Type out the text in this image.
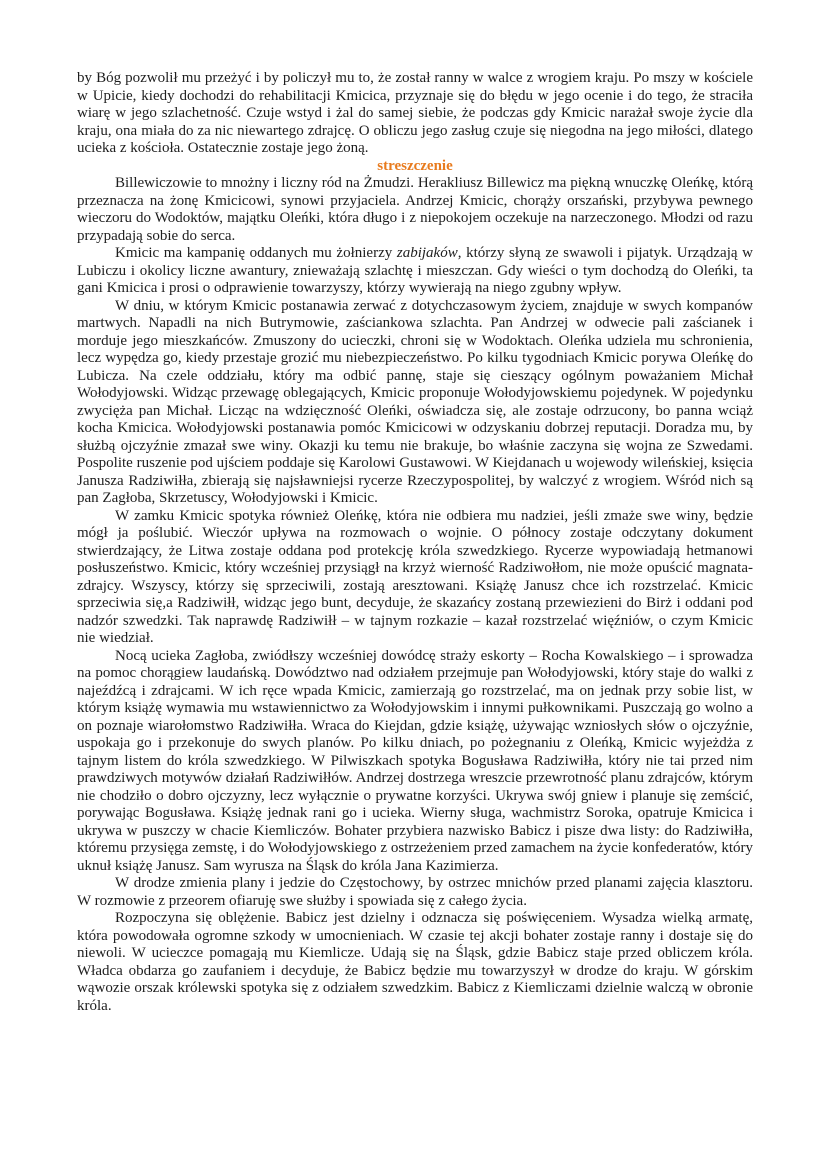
by Bóg pozwolił mu przeżyć i by policzył mu to, że został ranny w walce z wrogiem kraju. Po mszy w kościele w Upicie, kiedy dochodzi do rehabilitacji Kmicica, przyznaje się do błędu w jego ocenie i do tego, że straciła wiarę w jego szlachetność. Czuje wstyd i żal do samej siebie, że podczas gdy Kmicic narażał swoje życie dla kraju, ona miała do za nic niewartego zdrajcę. O obliczu jego zasług czuje się niegodna na jego miłości, dlatego ucieka z kościoła. Ostatecznie zostaje jego żoną.

streszczenie

Billewiczowie to mnożny i liczny ród na Żmudzi. Herakliusz Billewicz ma piękną wnuczkę Oleńkę, którą przeznacza na żonę Kmicicowi, synowi przyjaciela. Andrzej Kmicic, chorąży orszański, przybywa pewnego wieczoru do Wodoktów, majątku Oleńki, która długo i z niepokojem oczekuje na narzeczonego. Młodzi od razu przypadają sobie do serca.

Kmicic ma kampanię oddanych mu żołnierzy zabijaków, którzy słyną ze swawoli i pijatyk. Urządzają w Lubiczu i okolicy liczne awantury, znieważają szlachtę i mieszczan. Gdy wieści o tym dochodzą do Oleńki, ta gani Kmicica i prosi o odprawienie towarzyszy, którzy wywierają na niego zgubny wpływ.

W dniu, w którym Kmicic postanawia zerwać z dotychczasowym życiem, znajduje w swych kompanów martwych. Napadli na nich Butrymowie, zaściankowa szlachta. Pan Andrzej w odwecie pali zaścianek i morduje jego mieszkańców. Zmuszony do ucieczki, chroni się w Wodoktach. Oleńka udziela mu schronienia, lecz wypędza go, kiedy przestaje grozić mu niebezpieczeństwo. Po kilku tygodniach Kmicic porywa Oleńkę do Lubicza. Na czele oddziału, który ma odbić pannę, staje się cieszący ogólnym poważaniem Michał Wołodyjowski. Widząc przewagę oblegających, Kmicic proponuje Wołodyjowskiemu pojedynek. W pojedynku zwycięża pan Michał. Licząc na wdzięczność Oleńki, oświadcza się, ale zostaje odrzucony, bo panna wciąż kocha Kmicica. Wołodyjowski postanawia pomóc Kmicicowi w odzyskaniu dobrzej reputacji. Doradza mu, by służbą ojczyźnie zmazał swe winy. Okazji ku temu nie brakuje, bo właśnie zaczyna się wojna ze Szwedami. Pospolite ruszenie pod ujściem poddaje się Karolowi Gustawowi. W Kiejdanach u wojewody wileńskiej, księcia Janusza Radziwiłła, zbierają się najsławniejsi rycerze Rzeczypospolitej, by walczyć z wrogiem. Wśród nich są pan Zagłoba, Skrzetuscy, Wołodyjowski i Kmicic.

W zamku Kmicic spotyka również Oleńkę, która nie odbiera mu nadziei, jeśli zmaże swe winy, będzie mógł ja poślubić. Wieczór upływa na rozmowach o wojnie. O północy zostaje odczytany dokument stwierdzający, że Litwa zostaje oddana pod protekcję króla szwedzkiego. Rycerze wypowiadają hetmanowi posłuszeństwo. Kmicic, który wcześniej przysiągł na krzyż wierność Radziwołłom, nie może opuścić magnata-zdrajcy. Wszyscy, którzy się sprzeciwili, zostają aresztowani. Książę Janusz chce ich rozstrzelać. Kmicic sprzeciwia się,a Radziwiłł, widząc jego bunt, decyduje, że skazańcy zostaną przewiezieni do Birż i oddani pod nadzór szwedzki. Tak naprawdę Radziwiłł – w tajnym rozkazie – kazał rozstrzelać więźniów, o czym Kmicic nie wiedział.

Nocą ucieka Zagłoba, zwiódłszy wcześniej dowódcę straży eskorty – Rocha Kowalskiego – i sprowadza na pomoc chorągiew laudańską. Dowództwo nad odziałem przejmuje pan Wołodyjowski, który staje do walki z najeźdźcą i zdrajcami. W ich ręce wpada Kmicic, zamierzają go rozstrzelać, ma on jednak przy sobie list, w którym książę wymawia mu wstawiennictwo za Wołodyjowskim i innymi pułkownikami. Puszczają go wolno a on poznaje wiarołomstwo Radziwiłła. Wraca do Kiejdan, gdzie książę, używając wzniosłych słów o ojczyźnie, uspokaja go i przekonuje do swych planów. Po kilku dniach, po pożegnaniu z Oleńką, Kmicic wyjeżdża z tajnym listem do króla szwedzkiego. W Pilwiszkach spotyka Bogusława Radziwiłła, który nie tai przed nim prawdziwych motywów działań Radziwiłłów. Andrzej dostrzega wreszcie przewrotność planu zdrajców, którym nie chodziło o dobro ojczyzny, lecz wyłącznie o prywatne korzyści. Ukrywa swój gniew i planuje się zemścić, porywając Bogusława. Książę jednak rani go i ucieka. Wierny sługa, wachmistrz Soroka, opatruje Kmicica i ukrywa w puszczy w chacie Kiemliczów. Bohater przybiera nazwisko Babicz i pisze dwa listy: do Radziwiłła, któremu przysięga zemstę, i do Wołodyjowskiego z ostrzeżeniem przed zamachem na życie konfederatów, który uknuł książę Janusz. Sam wyrusza na Śląsk do króla Jana Kazimierza.

W drodze zmienia plany i jedzie do Częstochowy, by ostrzec mnichów przed planami zajęcia klasztoru. W rozmowie z przeorem ofiaruję swe służby i spowiada się z całego życia.

Rozpoczyna się oblężenie. Babicz jest dzielny i odznacza się poświęceniem. Wysadza wielką armatę, która powodowała ogromne szkody w umocnieniach. W czasie tej akcji bohater zostaje ranny i dostaje się do niewoli. W ucieczce pomagają mu Kiemlicze. Udają się na Śląsk, gdzie Babicz staje przed obliczem króla. Władca obdarza go zaufaniem i decyduje, że Babicz będzie mu towarzyszył w drodze do kraju. W górskim wąwozie orszak królewski spotyka się z odziałem szwedzkim. Babicz z Kiemliczami dzielnie walczą w obronie króla.
